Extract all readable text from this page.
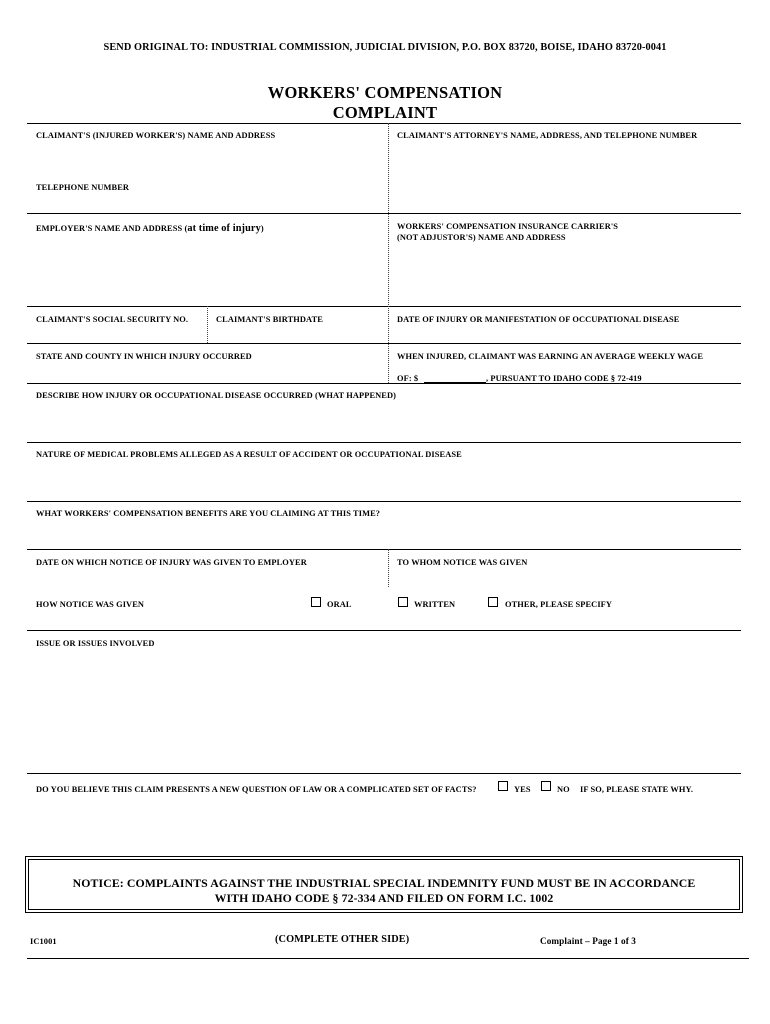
SEND ORIGINAL TO: INDUSTRIAL COMMISSION, JUDICIAL DIVISION, P.O. BOX 83720, BOISE, IDAHO 83720-0041
WORKERS' COMPENSATION
COMPLAINT
CLAIMANT'S (INJURED WORKER'S) NAME AND ADDRESS	CLAIMANT'S ATTORNEY'S NAME, ADDRESS, AND TELEPHONE NUMBER
TELEPHONE NUMBER
EMPLOYER'S NAME AND ADDRESS (at time of injury)	WORKERS' COMPENSATION INSURANCE CARRIER'S
(NOT ADJUSTOR'S) NAME AND ADDRESS
CLAIMANT'S SOCIAL SECURITY NO.	CLAIMANT'S BIRTHDATE	DATE OF INJURY OR MANIFESTATION OF OCCUPATIONAL DISEASE
STATE AND COUNTY IN WHICH INJURY OCCURRED	WHEN INJURED, CLAIMANT WAS EARNING AN AVERAGE WEEKLY WAGE
OF: $	, PURSUANT TO IDAHO CODE § 72-419
DESCRIBE HOW INJURY OR OCCUPATIONAL DISEASE OCCURRED (WHAT HAPPENED)
NATURE OF MEDICAL PROBLEMS ALLEGED AS A RESULT OF ACCIDENT OR OCCUPATIONAL DISEASE
WHAT WORKERS' COMPENSATION BENEFITS ARE YOU CLAIMING AT THIS TIME?
DATE ON WHICH NOTICE OF INJURY WAS GIVEN TO EMPLOYER	TO WHOM NOTICE WAS GIVEN
HOW NOTICE WAS GIVEN	ORAL	WRITTEN	OTHER, PLEASE SPECIFY
ISSUE OR ISSUES INVOLVED
DO YOU BELIEVE THIS CLAIM PRESENTS A NEW QUESTION OF LAW OR A COMPLICATED SET OF FACTS?	YES	NO IF SO, PLEASE STATE WHY.
NOTICE: COMPLAINTS AGAINST THE INDUSTRIAL SPECIAL INDEMNITY FUND MUST BE IN ACCORDANCE
WITH IDAHO CODE § 72-334 AND FILED ON FORM I.C. 1002
IC1001	(COMPLETE OTHER SIDE)	Complaint – Page 1 of 3
